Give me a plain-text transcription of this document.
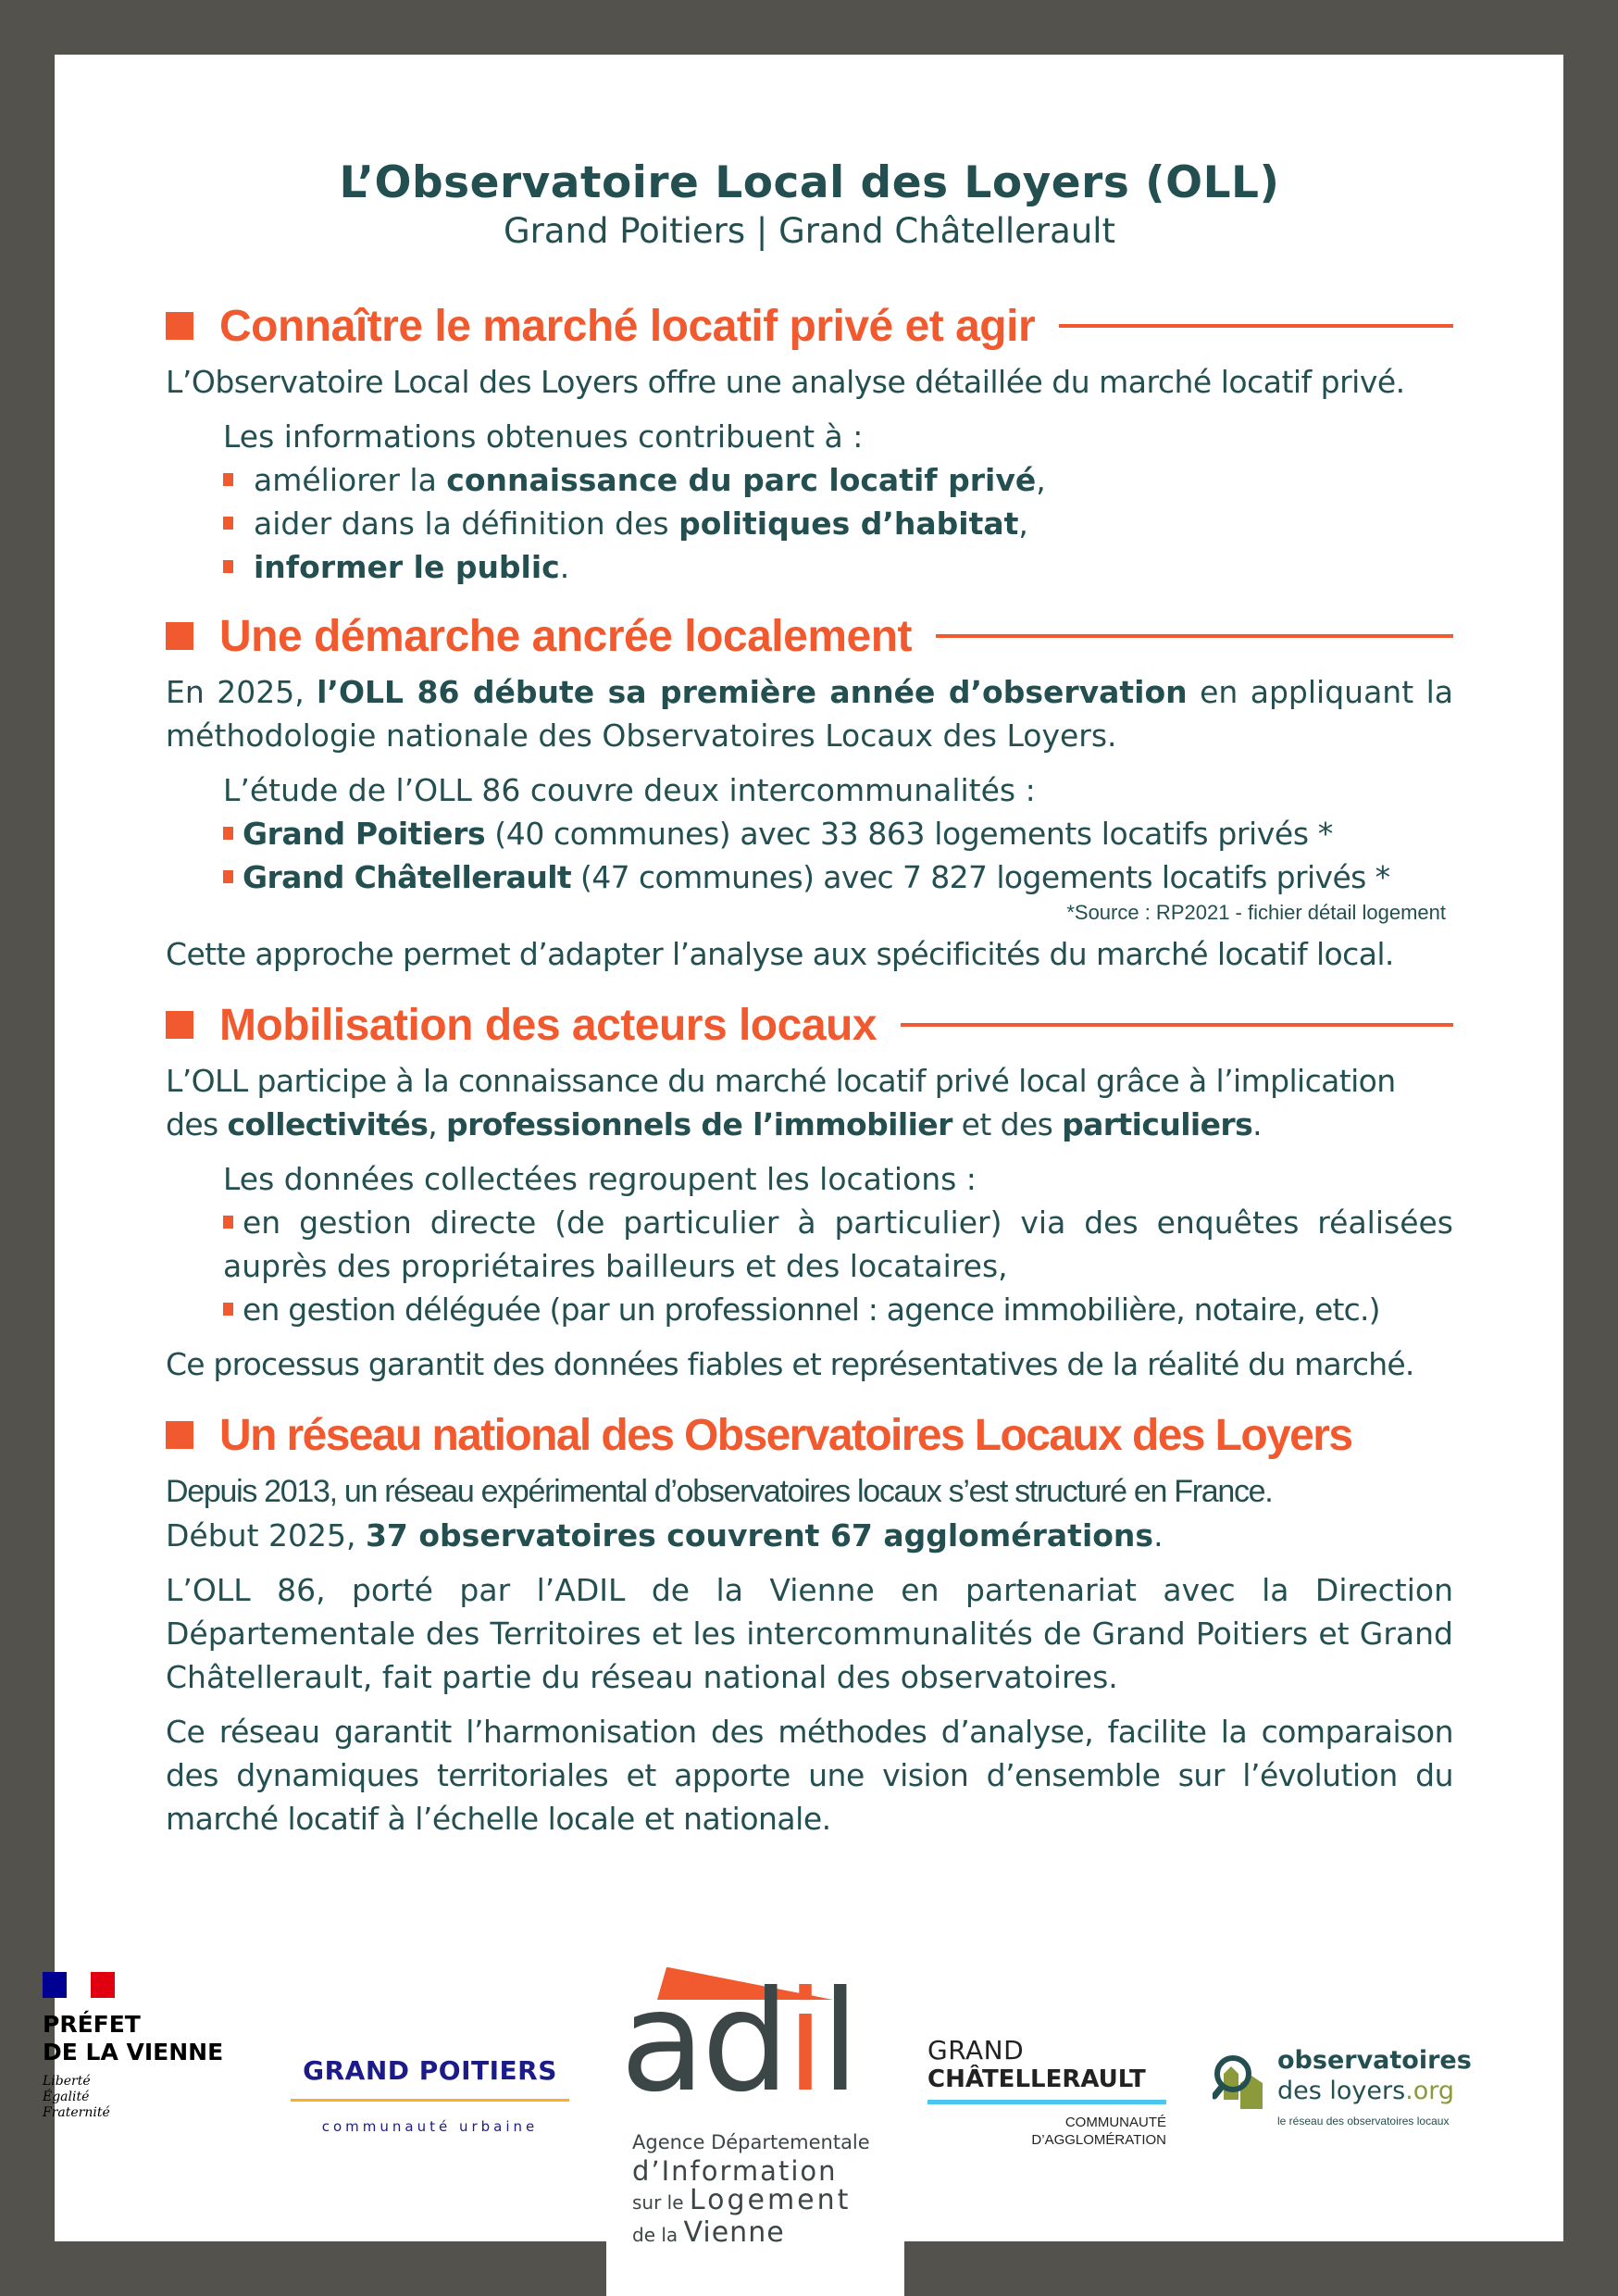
L’Observatoire Local des Loyers (OLL)
Grand Poitiers | Grand Châtellerault
Connaître le marché locatif privé et agir

L’Observatoire Local des Loyers offre une analyse détaillée du marché locatif privé.

Les informations obtenues contribuent à :

améliorer la connaissance du parc locatif privé,
aider dans la définition des politiques d’habitat,
informer le public.
Une démarche ancrée localement

En 2025, l’OLL 86 débute sa première année d’observation en appliquant la méthodologie nationale des Observatoires Locaux des Loyers.

L’étude de l’OLL 86 couvre deux intercommunalités :

Grand Poitiers (40 communes) avec 33 863 logements locatifs privés *
Grand Châtellerault (47 communes) avec 7 827 logements locatifs privés *
*Source : RP2021 - fichier détail logement

Cette approche permet d’adapter l’analyse aux spécificités du marché locatif local.

Mobilisation des acteurs locaux

L’OLL participe à la connaissance du marché locatif privé local grâce à l’implication des collectivités, professionnels de l’immobilier et des particuliers.

Les données collectées regroupent les locations :

en gestion directe (de particulier à particulier) via des enquêtes réalisées auprès des propriétaires bailleurs et des locataires,
en gestion déléguée (par un professionnel : agence immobilière, notaire, etc.)

Ce processus garantit des données fiables et représentatives de la réalité du marché.

Un réseau national des Observatoires Locaux des Loyers

Depuis 2013, un réseau expérimental d’observatoires locaux s’est structuré en France.
Début 2025, 37 observatoires couvrent 67 agglomérations.

L’OLL 86, porté par l’ADIL de la Vienne en partenariat avec la Direction Départementale des Territoires et les intercommunalités de Grand Poitiers et Grand Châtellerault, fait partie du réseau national des observatoires.

Ce réseau garantit l’harmonisation des méthodes d’analyse, facilite la comparaison des dynamiques territoriales et apporte une vision d’ensemble sur l’évolution du marché locatif à l’échelle locale et nationale.

PRÉFET
DE LA VIENNE
Liberté
Égalité
Fraternité
GRAND POITIERS
communauté urbaine
adil
Agence Départementale
d’Information
sur le Logement
de la Vienne
GRAND
CHÂTELLERAULT
COMMUNAUTÉ
D’AGGLOMÉRATION
observatoires
des loyers.org
le réseau des observatoires locaux
